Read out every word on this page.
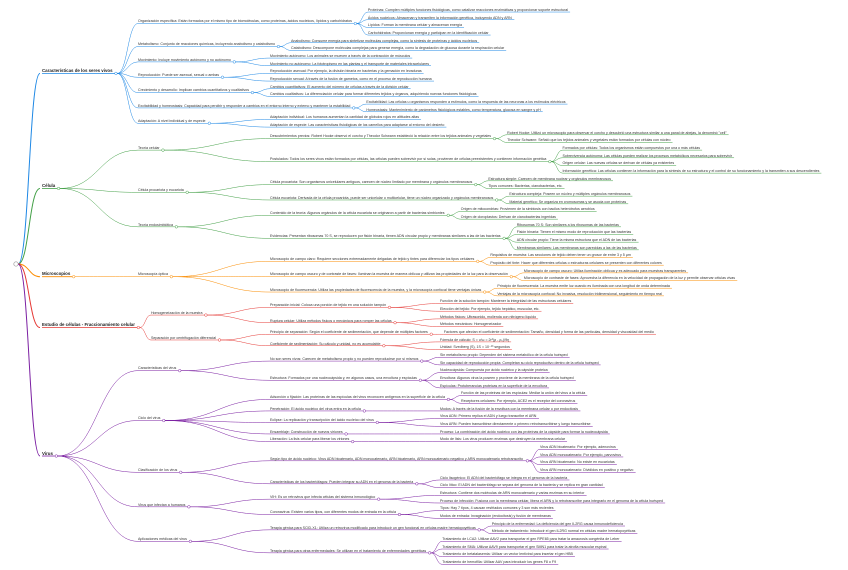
Características de los seres vivos
Organización específica: Están formados por el mismo tipo de biomoléculas, como proteínas, ácidos nucleicos, lípidos y carbohidratos
Proteínas: Cumplen múltiples funciones fisiológicas, como catalizar reacciones enzimáticas y proporcionar soporte estructural
Ácidos nucleicos: Almacenan y transmiten la información genética, incluyendo ADN y ARN
Lípidos: Forman la membrana celular y almacenan energía
Carbohidratos: Proporcionan energía y participan en la identificación celular
Metabolismo: Conjunto de reacciones químicas, incluyendo anabolismo y catabolismo
Anabolismo: Consume energía para sintetizar moléculas complejas, como la síntesis de proteínas y ácidos nucleicos
Catabolismo: Descompone moléculas complejas para generar energía, como la degradación de glucosa durante la respiración celular
Movimiento: Incluye movimiento autónomo y no autónomo
Movimiento autónomo: Los animales se mueven a través de la contracción de músculos
Movimiento no autónomo: La fototropismo en las plantas y el transporte de materiales intracelulares
Reproducción: Puede ser asexual, sexual o ambas
Reproducción asexual: Por ejemplo, la división binaria en bacterias y la gemación en levaduras
Reproducción sexual: A través de la fusión de gametos, como en el proceso de reproducción humana
Crecimiento y desarrollo: Implican cambios cuantitativos y cualitativos
Cambios cuantitativos: El aumento del número de células a través de la división celular
Cambios cualitativos: La diferenciación celular para formar diferentes tejidos y órganos, adquiriendo nuevas funciones fisiológicas
Excitabilidad y homeostasis: Capacidad para percibir y responder a cambios en el entorno interno y externo y mantener la estabilidad
Excitabilidad: Las células u organismos responden a estímulos, como la respuesta de las neuronas a los estímulos eléctricos
Homeostasis: Mantenimiento de parámetros fisiológicos estables, como temperatura, glucosa en sangre y pH
Adaptación: A nivel individual y de especie
Adaptación individual: Los humanos aumentan la cantidad de glóbulos rojos en altitudes altas
Adaptación de especie: Las características fisiológicas de los camellos para adaptarse al entorno del desierto
Célula
Teoría celular
Descubrimientos previos: Robert Hooke observó el corcho y Theodor Schwann estableció la relación entre los tejidos animales y vegetales
Robert Hooke: Utilizó un microscopio para observar el corcho y descubrió una estructura similar a una panal de abejas, la denominó "cell"
Theodor Schwann: Señaló que los tejidos animales y vegetales están formados por células con núcleo
Postulados: Todos los seres vivos están formados por células, las células pueden sobrevivir por sí solas, provienen de células preexistentes y contienen información genética
Formados por células: Todos los organismos están compuestos por una o más células
Sobrevivencia autónoma: Las células pueden realizar los procesos metabólicos necesarios para sobrevivir
Origen celular: Las nuevas células se derivan de células ya existentes
Información genética: Las células contienen la información para la síntesis de su estructura y el control de su funcionamiento y la transmiten a sus descendientes
Célula procariota y eucariota
Célula procariota: Son organismos unicelulares antiguos, carecen de núcleo limitado por membrana y orgánulos membranosos
Estructura simple: Carecen de membrana nuclear y orgánulos membranosos
Tipos comunes: Bacterias, cianobacterias, etc.
Célula eucariota: Derivada de la célula procariota, puede ser unicelular o multicelular, tiene un núcleo organizado y orgánulos membranosos
Estructura compleja: Poseen un núcleo y múltiples orgánulos membranosos
Material genético: Se organiza en cromosomas y se asocia con proteínas
Teoría endosimbiótica
Contenido de la teoría: Algunos orgánulos de la célula eucariota se originaron a partir de bacterias simbiontes
Origen de mitocondrias: Provienen de la simbiosis con bacilos heterótrofos aerobios
Origen de cloroplastos: Derivan de cianobacterias ingeridas
Evidencias: Presentan ribosomas 70 S, se reproducen por fisión binaria, tienen ADN circular propio y membranas similares a las de las bacterias
Ribosomas 70 S: Son similares a los ribosomas de las bacterias
Fisión binaria: Tienen el mismo modo de reproducción que las bacterias
ADN circular propio: Tiene la misma estructura que el ADN de las bacterias
Membranas similares: Las membranas son parecidas a las de las bacterias
Microscopios	Microscopía óptica
Microscopio de campo claro: Requiere secciones extremadamente delgadas de tejido y tintes para diferenciar los tipos celulares
Requisitos de muestra: Las secciones de tejido deben tener un grosor de entre 3 y 5 µm
Propósito del tinte: Hacer que diferentes células o estructuras celulares se presenten con diferentes colores
Microscopio de campo oscuro y de contraste de fases: Iluminan la muestra de manera oblicua y utilizan las propiedades de la luz para la observación
Microscopio de campo oscuro: Utiliza iluminación oblicua y es adecuado para muestras transparentes
Microscopio de contraste de fases: Aprovecha la diferencia en la velocidad de propagación de la luz y permite observar células vivas
Microscopio de fluorescencia: Utiliza las propiedades de fluorescencia de la muestra, y la microscopía confocal tiene ventajas únicas
Principio de fluorescencia: La muestra emite luz cuando es iluminada con una longitud de onda determinada
Ventajas de la microscopía confocal: No invasiva, resolución tridimensional, seguimiento en tiempo real
Estudio de células - Fraccionamiento celular
Homogeneización de la muestra
Preparación inicial: Coloca una porción de tejido en una solución tampón
Función de la solución tampón: Mantener la integridad de las estructuras celulares
Elección del tejido: Por ejemplo, tejido hepático, muscular, etc.
Ruptura celular: Utiliza métodos físicos o mecánicos para romper las células
Métodos físicos: Ultrasonido, molienda con nitrógeno líquido
Métodos mecánicos: Homogeneizador
Separación por centrifugación diferencial
Principio de separación: Según el coeficiente de sedimentación, que depende de múltiples factores	Factores que afectan el coeficiente de sedimentación: Tamaño, densidad y forma de las partículas, densidad y viscosidad del medio
Coeficiente de sedimentación: Su cálculo y unidad, no es acumulable
Fórmula de cálculo: S = v/ω = 2r²(ρ - ρ₀)/9η
Unidad: Svedberg (S), 1S = 10⁻¹³ segundos
Virus
Características del virus
No son seres vivos: Carecen de metabolismo propio y no pueden reproducirse por sí mismos
Sin metabolismo propio: Dependen del sistema metabólico de la célula huésped
Sin capacidad de reproducción propia: Completan su ciclo reproductivo dentro de la célula huésped
Estructura: Formados por una nucleocápsida y, en algunos casos, una envoltura y espículas
Nucleocápsida: Compuesta por ácido nucleico y la cápside proteica
Envoltura: Algunos virus la poseen y proviene de la membrana de la célula huésped
Espículas: Protuberancias proteicas en la superficie de la envoltura
Ciclo del virus
Adsorción o fijación: Las proteínas de las espículas del virus reconocen antígenos en la superficie de la célula
Función de las proteínas de las espículas: Mediar la unión del virus a la célula
Receptores celulares: Por ejemplo, ACE2 es el receptor del coronavirus
Penetración: El ácido nucleico del virus entra en la célula	Modos: A través de la fusión de la envoltura con la membrana celular o por endocitosis
Eclipse: La replicación y transcripción del ácido nucleico del virus
Virus ADN: Primero replica el ADN y luego transcribe el ARN
Virus ARN: Pueden transcribirse directamente o primero retrotranscribirse y luego transcribirse
Ensamblaje: Construcción de nuevos viriones	Proceso: La combinación del ácido nucleico con las proteínas de la cápside para formar la nucleocápsida
Liberación: La lisis celular para liberar los viriones	Modo de lisis: Los virus producen enzimas que destruyen la membrana celular
Clasificación de los virus
Según tipo de ácido nucleico: Virus ADN bicatenario, ADN monocatenario, ARN bicatenario, ARN monocatenario negativo y ARN monocatenario retrotranscrito
Virus ADN bicatenario: Por ejemplo, adenovirus
Virus ADN monocatenario: Por ejemplo, parvovirus
Virus ARN bicatenario: No existe en eucariotas
Virus ARN monocatenario: Divididos en positivo y negativo
Características de los bacteriófagos: Pueden integrar su ADN en el genoma de la bacteria
Ciclo lisogénico: El ADN del bacteriófago se integra en el genoma de la bacteria
Ciclo lítico: El ADN del bacteriófago se separa del genoma de la bacteria y se replica en gran cantidad
Virus que infectan a humanos
VIH: Es un retrovirus que infecta células del sistema inmunológico
Estructura: Contiene dos moléculas de ARN monocatenario y varias enzimas en su interior
Proceso de infección: Fusiona con la membrana celular, libera el ARN y lo retrotranscribe para integrarlo en el genoma de la célula huésped
Coronavirus: Existen varios tipos, con diferentes modos de entrada en la célula
Tipos: Hay 7 tipos, 4 causan resfriados comunes y 3 son más recientes
Modos de entrada: Invaginación (endocitosis) y fusión de membranas
Aplicaciones médicas del virus
Terapia génica para SCID-X1: Utiliza un retrovirus modificado para introducir un gen funcional en células madre hematopoyéticas
Principio de la enfermedad: La deficiencia del gen IL2RG causa inmunodeficiencia
Método de tratamiento: Introducir el gen IL2RG normal en células madre hematopoyéticas
Terapia génica para otras enfermedades: Se utilizan en el tratamiento de enfermedades genéticas
Tratamiento de LCA2: Utilizar AAV2 para transportar el gen RPE65 para tratar la amaurosis congénita de Leber
Tratamiento de SMA: Utilizar AAV9 para transportar el gen SMN1 para tratar la atrofia muscular espinal
Tratamiento de betatalasemia: Utilizar un vector lentiviral para insertar el gen HBB
Tratamiento de hemofilia: Utilizar AAV para introducir los genes F8 o F9
